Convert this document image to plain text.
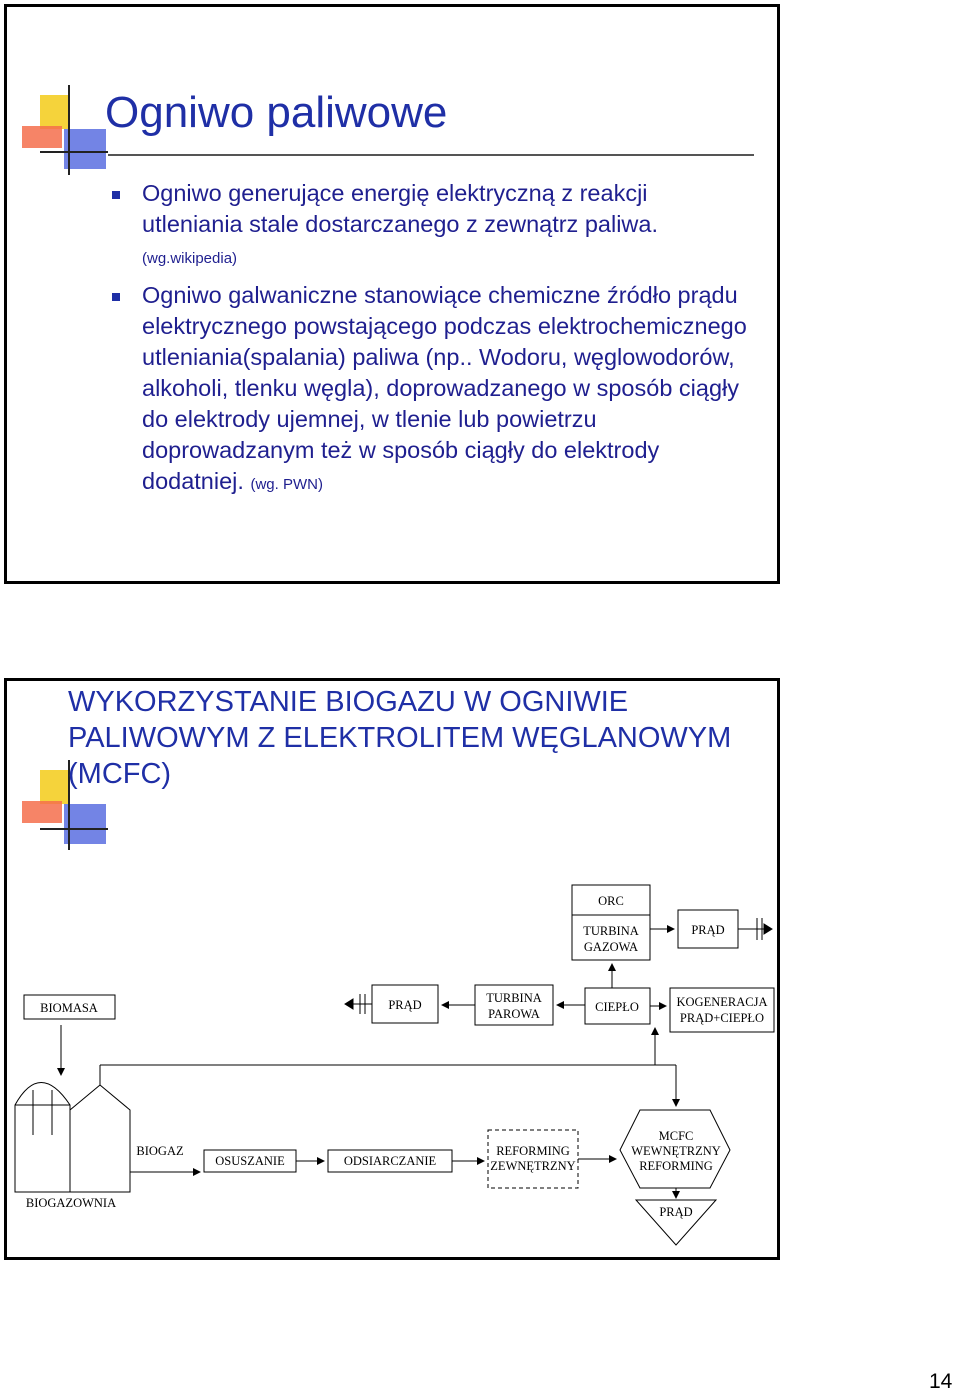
Ogniwo paliwowe
Ogniwo generujące energię elektryczną z reakcji utleniania stale dostarczanego z zewnątrz paliwa.
(wg.wikipedia)
Ogniwo galwaniczne stanowiące chemiczne źródło prądu elektrycznego powstającego podczas elektrochemicznego utleniania(spalania) paliwa (np.. Wodoru, węglowodorów, alkoholi, tlenku węgla), doprowadzanego w sposób ciągły do elektrody ujemnej, w tlenie lub powietrzu doprowadzanym też w sposób ciągły do elektrody dodatniej. (wg. PWN)
WYKORZYSTANIE BIOGAZU W OGNIWIE PALIWOWYM Z ELEKTROLITEM WĘGLANOWYM (MCFC)
ORC
TURBINA
GAZOWA
PRĄD
BIOMASA	PRĄD	TURBINA
PAROWA	CIEPŁO	KOGENERACJA
PRĄD+CIEPŁO
BIOGAZ
OSUSZANIE	ODSIARCZANIE
REFORMING
ZEWNĘTRZNY
MCFC
WEWNĘTRZNY
REFORMING
PRĄD
BIOGAZOWNIA
14
